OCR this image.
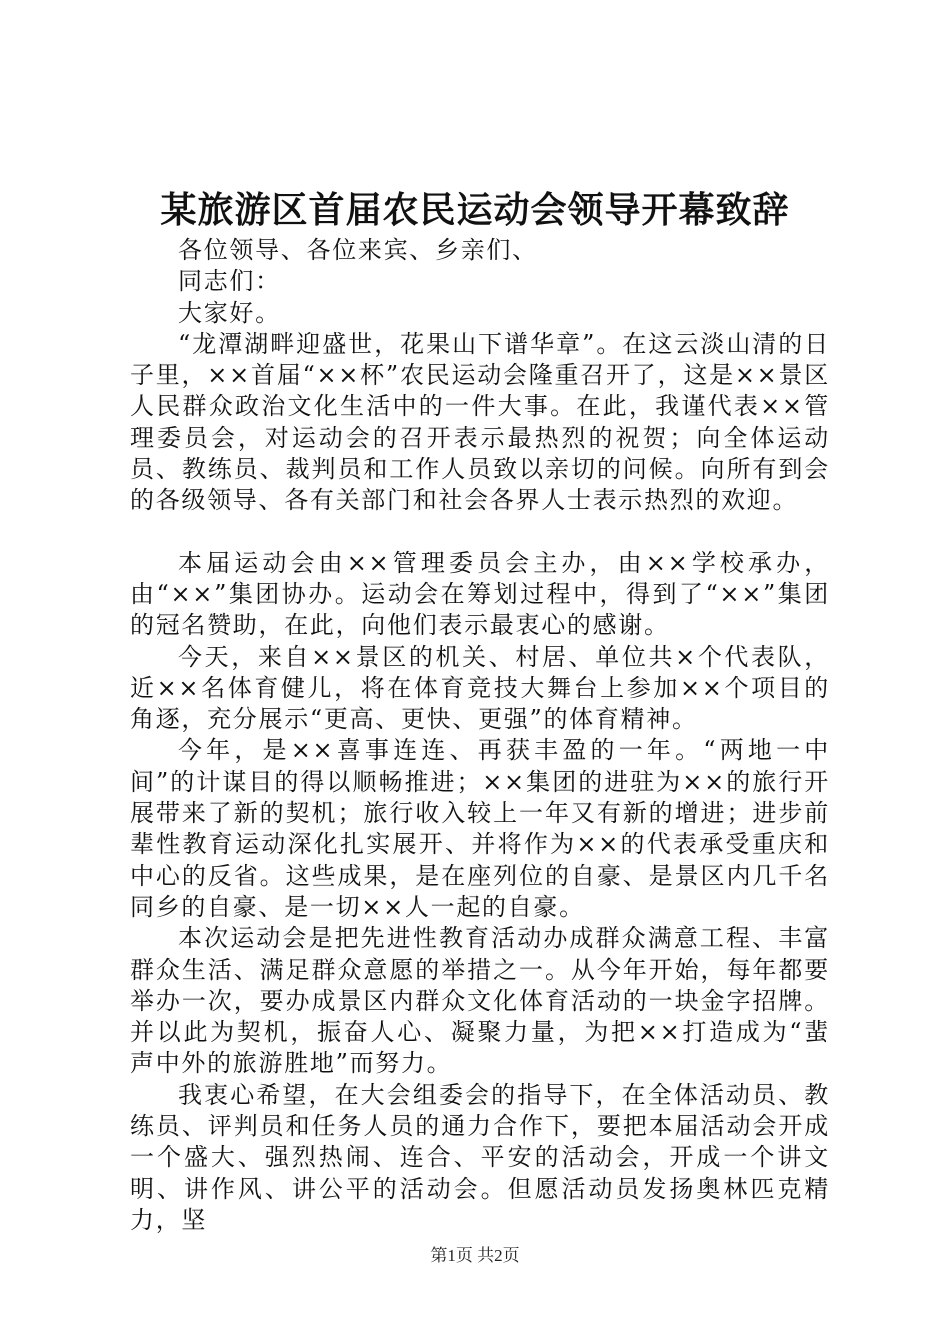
某旅游区首届农民运动会领导开幕致辞

各位领导、各位来宾、乡亲们、

同志们：

大家好。

“龙潭湖畔迎盛世，花果山下谱华章”。在这云淡山清的日子里，××首届“××杯”农民运动会隆重召开了，这是××景区人民群众政治文化生活中的一件大事。在此，我谨代表××管理委员会，对运动会的召开表示最热烈的祝贺；向全体运动员、教练员、裁判员和工作人员致以亲切的问候。向所有到会的各级领导、各有关部门和社会各界人士表示热烈的欢迎。

本届运动会由××管理委员会主办，由××学校承办，由“××”集团协办。运动会在筹划过程中，得到了“××”集团的冠名赞助，在此，向他们表示最衷心的感谢。

今天，来自××景区的机关、村居、单位共×个代表队，近××名体育健儿，将在体育竞技大舞台上参加××个项目的角逐，充分展示“更高、更快、更强”的体育精神。

今年，是××喜事连连、再获丰盈的一年。“两地一中间”的计谋目的得以顺畅推进；××集团的进驻为××的旅行开展带来了新的契机；旅行收入较上一年又有新的增进；进步前辈性教育运动深化扎实展开、并将作为××的代表承受重庆和中心的反省。这些成果，是在座列位的自豪、是景区内几千名同乡的自豪、是一切××人一起的自豪。

本次运动会是把先进性教育活动办成群众满意工程、丰富群众生活、满足群众意愿的举措之一。从今年开始，每年都要举办一次，要办成景区内群众文化体育活动的一块金字招牌。并以此为契机，振奋人心、凝聚力量，为把××打造成为“蜚声中外的旅游胜地”而努力。

我衷心希望，在大会组委会的指导下，在全体活动员、教练员、评判员和任务人员的通力合作下，要把本届活动会开成一个盛大、强烈热闹、连合、平安的活动会，开成一个讲文明、讲作风、讲公平的活动会。但愿活动员发扬奥林匹克精力，坚

第1页 共2页
